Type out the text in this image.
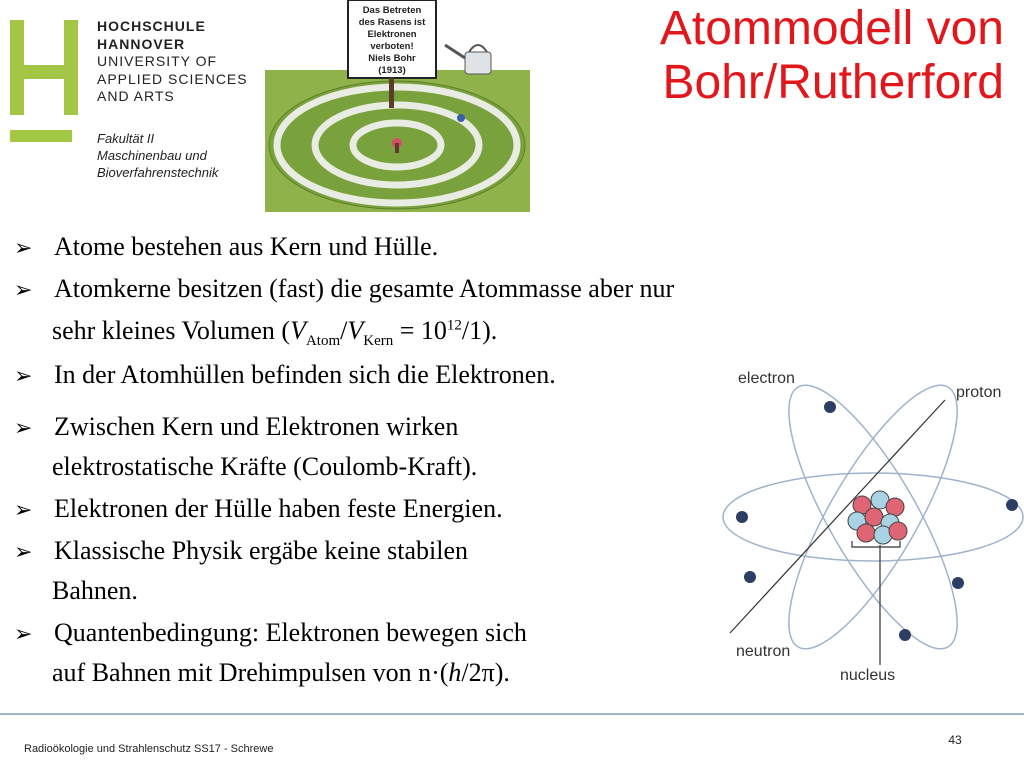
HOCHSCHULE
HANNOVER
UNIVERSITY OF
APPLIED SCIENCES
AND ARTS
Fakultät II
Maschinenbau und
Bioverfahrenstechnik
Das Betreten
des Rasens ist
Elektronen
verboten!
Niels Bohr
(1913)
Atommodell von
Bohr/Rutherford
➢ Atome bestehen aus Kern und Hülle.
➢ Atomkerne besitzen (fast) die gesamte Atommasse aber nur
sehr kleines Volumen $(V_{Atom}/V_{Kern} = 10^{12}/1)$.
➢ In der Atomhüllen befinden sich die Elektronen.
➢ Zwischen Kern und Elektronen wirken
elektrostatische Kräfte (Coulomb-Kraft).
➢ Elektronen der Hülle haben feste Energien.
➢ Klassische Physik ergäbe keine stabilen
Bahnen.
➢ Quantenbedingung: Elektronen bewegen sich
auf Bahnen mit Drehimpulsen von n·(h/2π).
electron
proton
neutron
nucleus
Radioökologie und Strahlenschutz SS17 - Schrewe
43
